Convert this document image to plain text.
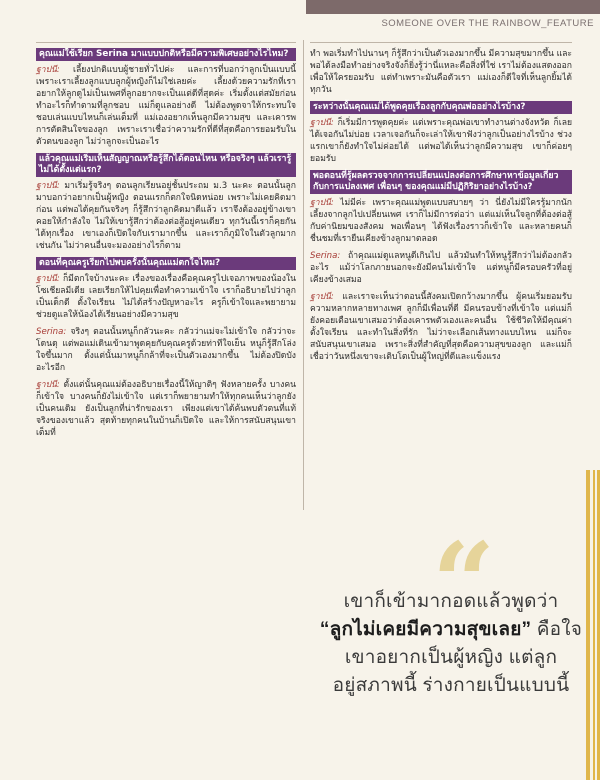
SOMEONE OVER THE RAINBOW_FEATURE
คุณแม่ใช้เรียก Serina มาแบบปกติหรือมีความพิเศษอย่างไรไหม?

ฐาปนี: เลี้ยงปกติแบบผู้ชายทั่วไปค่ะ และการที่บอกว่าลูกเป็นแบบนี้ เพราะเราเลี้ยงลูกแบบลูกผู้หญิงก็ไม่ใช่เลยค่ะ เลี้ยงด้วยความรักที่เราอยากให้ลูกดูไม่เป็นเพศที่ลูกอยากจะเป็นแต่ดีที่สุดค่ะ เริ่มตั้งแต่สมัยก่อน ทำอะไรก็ทำตามที่ลูกชอบ แม่ก็ดูแลอย่างดี ไม่ต้องพูดจาให้กระทบใจ ชอบเล่นแบบไหนก็เล่นเต็มที่ แม่เองอยากเห็นลูกมีความสุข และเคารพการตัดสินใจของลูก เพราะเราเชื่อว่าความรักที่ดีที่สุดคือการยอมรับในตัวตนของลูก ไม่ว่าลูกจะเป็นอะไร

แล้วคุณแม่เริ่มเห็นสัญญาณหรือรู้สึกได้ตอนไหน หรือจริงๆ แล้วเรารู้ไม่ได้ตั้งแต่แรก?

ฐาปนี: มาเริ่มรู้จริงๆ ตอนลูกเรียนอยู่ชั้นประถม ม.3 นะคะ ตอนนั้นลูกมาบอกว่าอยากเป็นผู้หญิง ตอนแรกก็ตกใจนิดหน่อย เพราะไม่เคยคิดมาก่อน แต่พอได้คุยกันจริงๆ ก็รู้สึกว่าลูกคิดมาดีแล้ว เราจึงต้องอยู่ข้างเขา คอยให้กำลังใจ ไม่ให้เขารู้สึกว่าต้องต่อสู้อยู่คนเดียว ทุกวันนี้เราก็คุยกันได้ทุกเรื่อง เขาเองก็เปิดใจกับเรามากขึ้น และเราก็ภูมิใจในตัวลูกมากเช่นกัน ไม่ว่าคนอื่นจะมองอย่างไรก็ตาม

ตอนที่คุณครูเรียกไปพบครั้งนั้นคุณแม่ตกใจไหม?

ฐาปนี: ก็มีตกใจบ้างนะคะ เรื่องของเรื่องคือคุณครูไปเจอภาพของน้องในโซเชียลมีเดีย เลยเรียกให้ไปคุยเพื่อทำความเข้าใจ เราก็อธิบายไปว่าลูกเป็นเด็กดี ตั้งใจเรียน ไม่ได้สร้างปัญหาอะไร ครูก็เข้าใจและพยายามช่วยดูแลให้น้องได้เรียนอย่างมีความสุข

Serina: จริงๆ ตอนนั้นหนูก็กลัวนะคะ กลัวว่าแม่จะไม่เข้าใจ กลัวว่าจะโดนดุ แต่พอแม่เดินเข้ามาพูดคุยกับคุณครูด้วยท่าทีใจเย็น หนูก็รู้สึกโล่งใจขึ้นมาก ตั้งแต่นั้นมาหนูก็กล้าที่จะเป็นตัวเองมากขึ้น ไม่ต้องปิดบังอะไรอีก

ฐาปนี: ตั้งแต่นั้นคุณแม่ต้องอธิบายเรื่องนี้ให้ญาติๆ ฟังหลายครั้ง บางคนก็เข้าใจ บางคนก็ยังไม่เข้าใจ แต่เราก็พยายามทำให้ทุกคนเห็นว่าลูกยังเป็นคนเดิม ยังเป็นลูกที่น่ารักของเรา เพียงแต่เขาได้ค้นพบตัวตนที่แท้จริงของเขาแล้ว สุดท้ายทุกคนในบ้านก็เปิดใจ และให้การสนับสนุนเขาเต็มที่

ทำ พอเริ่มทำไปนานๆ ก็รู้สึกว่าเป็นตัวเองมากขึ้น มีความสุขมากขึ้น และพอได้ลงมือทำอย่างจริงจังก็ยิ่งรู้ว่านี่แหละคือสิ่งที่ใช่ เราไม่ต้องแสดงออกเพื่อให้ใครยอมรับ แต่ทำเพราะมันคือตัวเรา แม่เองก็ดีใจที่เห็นลูกยิ้มได้ทุกวัน

ระหว่างนั้นคุณแม่ได้พูดคุยเรื่องลูกกับคุณพ่ออย่างไรบ้าง?

ฐาปนี: ก็เริ่มมีการพูดคุยค่ะ แต่เพราะคุณพ่อเขาทำงานต่างจังหวัด ก็เลยได้เจอกันไม่บ่อย เวลาเจอกันก็จะเล่าให้เขาฟังว่าลูกเป็นอย่างไรบ้าง ช่วงแรกเขาก็ยังทำใจไม่ค่อยได้ แต่พอได้เห็นว่าลูกมีความสุข เขาก็ค่อยๆ ยอมรับ

พอตอนที่รู้ผลตรวจจากการเปลี่ยนแปลงต่อการศึกษาหาข้อมูลเกี่ยวกับการแปลงเพศ เพื่อนๆ ของคุณแม่มีปฏิกิริยาอย่างไรบ้าง?

ฐาปนี: ไม่มีค่ะ เพราะคุณแม่พูดแบบสบายๆ ว่า นี่ยังไม่มีใครรู้มากนัก เลี้ยงจากลูกไปเปลี่ยนเพศ เราก็ไม่มีการต่อว่า แต่แม่เห็นใจลูกที่ต้องต่อสู้กับค่านิยมของสังคม พอเพื่อนๆ ได้ฟังเรื่องราวก็เข้าใจ และหลายคนก็ชื่นชมที่เรายืนเคียงข้างลูกมาตลอด

Serina: ถ้าคุณแม่ดูแลหนูดีเกินไป แล้วมันทำให้หนูรู้สึกว่าไม่ต้องกลัวอะไร แม้ว่าโลกภายนอกจะยังมีคนไม่เข้าใจ แต่หนูก็มีครอบครัวที่อยู่เคียงข้างเสมอ

ฐาปนี: และเราจะเห็นว่าตอนนี้สังคมเปิดกว้างมากขึ้น ผู้คนเริ่มยอมรับความหลากหลายทางเพศ ลูกก็มีเพื่อนที่ดี มีคนรอบข้างที่เข้าใจ แต่แม่ก็ยังคอยเตือนเขาเสมอว่าต้องเคารพตัวเองและคนอื่น ใช้ชีวิตให้มีคุณค่า ตั้งใจเรียน และทำในสิ่งที่รัก ไม่ว่าจะเลือกเส้นทางแบบไหน แม่ก็จะสนับสนุนเขาเสมอ เพราะสิ่งที่สำคัญที่สุดคือความสุขของลูก และแม่ก็เชื่อว่าวันหนึ่งเขาจะเติบโตเป็นผู้ใหญ่ที่ดีและแข็งแรง

“
เขาก็เข้ามากอดแล้วพูดว่า
“ลูกไม่เคยมีความสุขเลย” คือใจ
เขาอยากเป็นผู้หญิง แต่ลูก
อยู่สภาพนี้ ร่างกายเป็นแบบนี้
